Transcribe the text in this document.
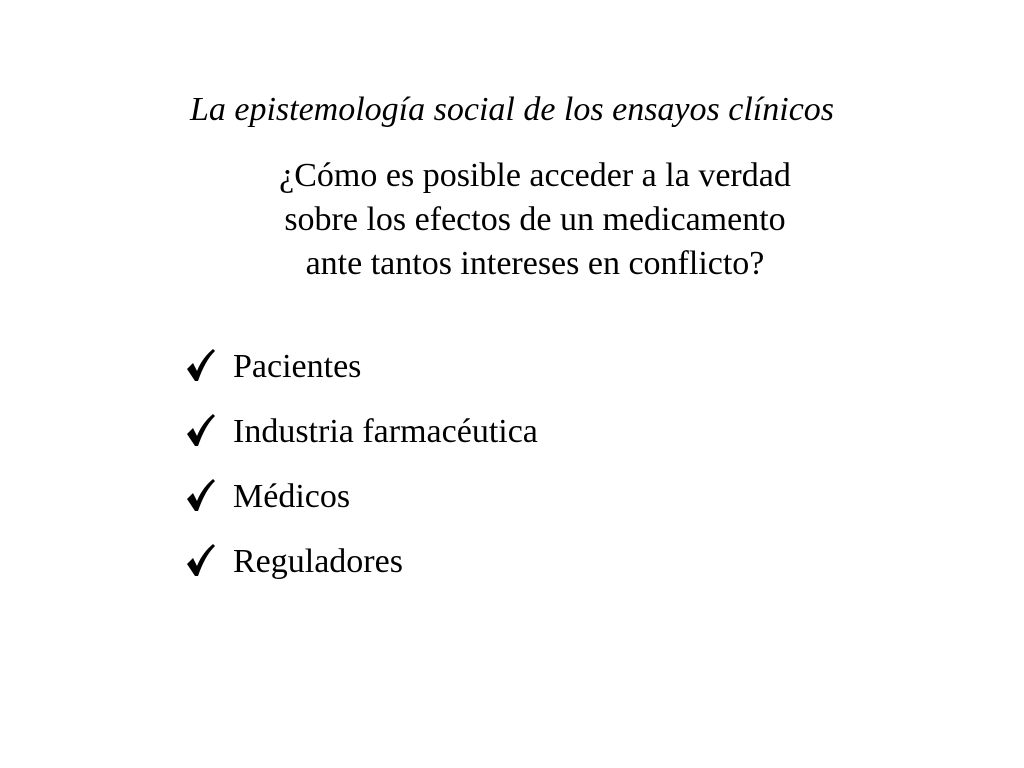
La epistemología social de los ensayos clínicos
¿Cómo es posible acceder a la verdad
sobre los efectos de un medicamento
ante tantos intereses en conflicto?
Pacientes
Industria farmacéutica
Médicos
Reguladores
